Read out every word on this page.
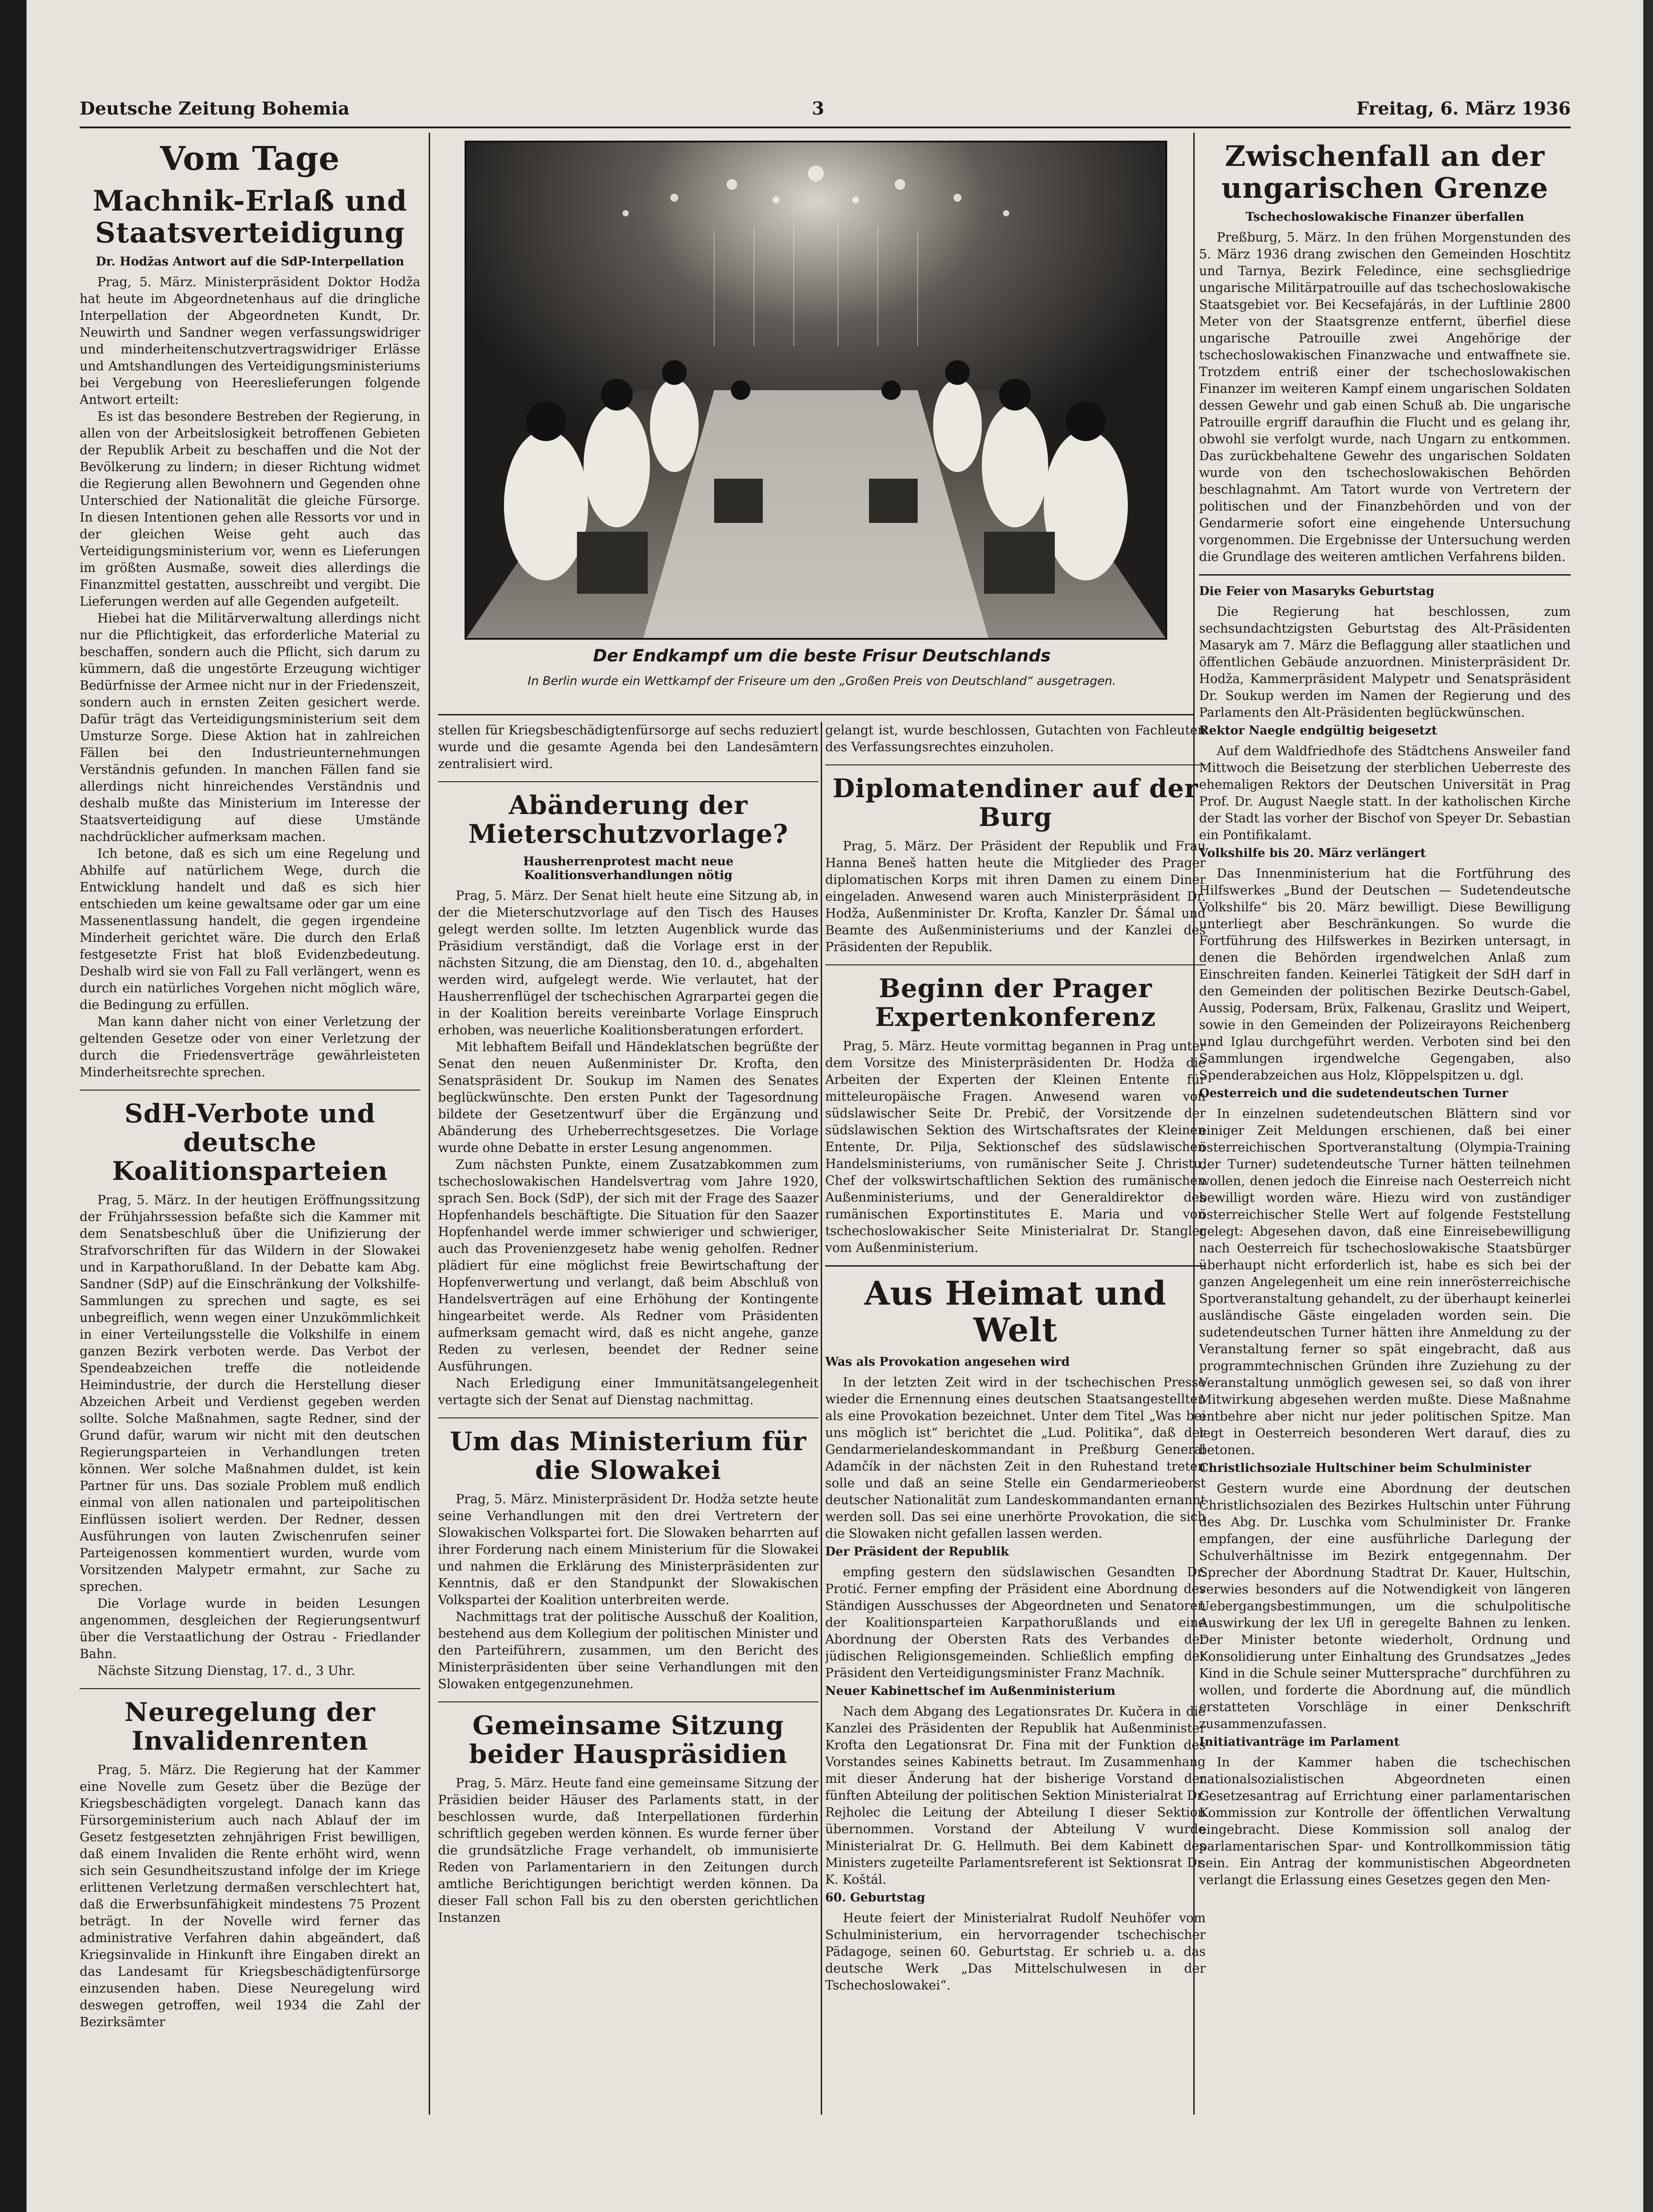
Deutsche Zeitung Bohemia	3	Freitag, 6. März 1936
Vom Tage
Machnik-Erlaß und Staatsverteidigung
Dr. Hodžas Antwort auf die SdP-Interpellation

Prag, 5. März. Ministerpräsident Doktor Hodža hat heute im Abgeordnetenhaus auf die dringliche Interpellation der Abgeordneten Kundt, Dr. Neuwirth und Sandner wegen verfassungswidriger und minderheitenschutzvertragswidriger Erlässe und Amtshandlungen des Verteidigungsministeriums bei Vergebung von Heereslieferungen folgende Antwort erteilt:

Es ist das besondere Bestreben der Regierung, in allen von der Arbeitslosigkeit betroffenen Gebieten der Republik Arbeit zu beschaffen und die Not der Bevölkerung zu lindern; in dieser Richtung widmet die Regierung allen Bewohnern und Gegenden ohne Unterschied der Nationalität die gleiche Fürsorge. In diesen Intentionen gehen alle Ressorts vor und in der gleichen Weise geht auch das Verteidigungsministerium vor, wenn es Lieferungen im größten Ausmaße, soweit dies allerdings die Finanzmittel gestatten, ausschreibt und vergibt. Die Lieferungen werden auf alle Gegenden aufgeteilt.

Hiebei hat die Militärverwaltung allerdings nicht nur die Pflichtigkeit, das erforderliche Material zu beschaffen, sondern auch die Pflicht, sich darum zu kümmern, daß die ungestörte Erzeugung wichtiger Bedürfnisse der Armee nicht nur in der Friedenszeit, sondern auch in ernsten Zeiten gesichert werde. Dafür trägt das Verteidigungsministerium seit dem Umsturze Sorge. Diese Aktion hat in zahlreichen Fällen bei den Industrieunternehmungen Verständnis gefunden. In manchen Fällen fand sie allerdings nicht hinreichendes Verständnis und deshalb mußte das Ministerium im Interesse der Staatsverteidigung auf diese Umstände nachdrücklicher aufmerksam machen.

Ich betone, daß es sich um eine Regelung und Abhilfe auf natürlichem Wege, durch die Entwicklung handelt und daß es sich hier entschieden um keine gewaltsame oder gar um eine Massenentlassung handelt, die gegen irgendeine Minderheit gerichtet wäre. Die durch den Erlaß festgesetzte Frist hat bloß Evidenzbedeutung. Deshalb wird sie von Fall zu Fall verlängert, wenn es durch ein natürliches Vorgehen nicht möglich wäre, die Bedingung zu erfüllen.

Man kann daher nicht von einer Verletzung der geltenden Gesetze oder von einer Verletzung der durch die Friedensverträge gewährleisteten Minderheitsrechte sprechen.

SdH-Verbote und deutsche Koalitionsparteien

Prag, 5. März. In der heutigen Eröffnungssitzung der Frühjahrssession befaßte sich die Kammer mit dem Senatsbeschluß über die Unifizierung der Strafvorschriften für das Wildern in der Slowakei und in Karpathorußland. In der Debatte kam Abg. Sandner (SdP) auf die Einschränkung der Volkshilfe-Sammlungen zu sprechen und sagte, es sei unbegreiflich, wenn wegen einer Unzukömmlichkeit in einer Verteilungsstelle die Volkshilfe in einem ganzen Bezirk verboten werde. Das Verbot der Spendeabzeichen treffe die notleidende Heimindustrie, der durch die Herstellung dieser Abzeichen Arbeit und Verdienst gegeben werden sollte. Solche Maßnahmen, sagte Redner, sind der Grund dafür, warum wir nicht mit den deutschen Regierungsparteien in Verhandlungen treten können. Wer solche Maßnahmen duldet, ist kein Partner für uns. Das soziale Problem muß endlich einmal von allen nationalen und parteipolitischen Einflüssen isoliert werden. Der Redner, dessen Ausführungen von lauten Zwischenrufen seiner Parteigenossen kommentiert wurden, wurde vom Vorsitzenden Malypetr ermahnt, zur Sache zu sprechen.

Die Vorlage wurde in beiden Lesungen angenommen, desgleichen der Regierungsentwurf über die Verstaatlichung der Ostrau - Friedlander Bahn.

Nächste Sitzung Dienstag, 17. d., 3 Uhr.

Neuregelung der Invalidenrenten

Prag, 5. März. Die Regierung hat der Kammer eine Novelle zum Gesetz über die Bezüge der Kriegsbeschädigten vorgelegt. Danach kann das Fürsorgeministerium auch nach Ablauf der im Gesetz festgesetzten zehnjährigen Frist bewilligen, daß einem Invaliden die Rente erhöht wird, wenn sich sein Gesundheitszustand infolge der im Kriege erlittenen Verletzung dermaßen verschlechtert hat, daß die Erwerbsunfähigkeit mindestens 75 Prozent beträgt. In der Novelle wird ferner das administrative Verfahren dahin abgeändert, daß Kriegsinvalide in Hinkunft ihre Eingaben direkt an das Landesamt für Kriegsbeschädigtenfürsorge einzusenden haben. Diese Neuregelung wird deswegen getroffen, weil 1934 die Zahl der Bezirksämter

Der Endkampf um die beste Frisur Deutschlands
In Berlin wurde ein Wettkampf der Friseure um den „Großen Preis von Deutschland“ ausgetragen.

stellen für Kriegsbeschädigtenfürsorge auf sechs reduziert wurde und die gesamte Agenda bei den Landesämtern zentralisiert wird.

Abänderung der Mieterschutzvorlage?
Hausherrenprotest macht neue Koalitionsverhandlungen nötig

Prag, 5. März. Der Senat hielt heute eine Sitzung ab, in der die Mieterschutzvorlage auf den Tisch des Hauses gelegt werden sollte. Im letzten Augenblick wurde das Präsidium verständigt, daß die Vorlage erst in der nächsten Sitzung, die am Dienstag, den 10. d., abgehalten werden wird, aufgelegt werde. Wie verlautet, hat der Hausherrenflügel der tschechischen Agrarpartei gegen die in der Koalition bereits vereinbarte Vorlage Einspruch erhoben, was neuerliche Koalitionsberatungen erfordert.

Mit lebhaftem Beifall und Händeklatschen begrüßte der Senat den neuen Außenminister Dr. Krofta, den Senatspräsident Dr. Soukup im Namen des Senates beglückwünschte. Den ersten Punkt der Tagesordnung bildete der Gesetzentwurf über die Ergänzung und Abänderung des Urheberrechtsgesetzes. Die Vorlage wurde ohne Debatte in erster Lesung angenommen.

Zum nächsten Punkte, einem Zusatzabkommen zum tschechoslowakischen Handelsvertrag vom Jahre 1920, sprach Sen. Bock (SdP), der sich mit der Frage des Saazer Hopfenhandels beschäftigte. Die Situation für den Saazer Hopfenhandel werde immer schwieriger und schwieriger, auch das Provenienzgesetz habe wenig geholfen. Redner plädiert für eine möglichst freie Bewirtschaftung der Hopfenverwertung und verlangt, daß beim Abschluß von Handelsverträgen auf eine Erhöhung der Kontingente hingearbeitet werde. Als Redner vom Präsidenten aufmerksam gemacht wird, daß es nicht angehe, ganze Reden zu verlesen, beendet der Redner seine Ausführungen.

Nach Erledigung einer Immunitätsangelegenheit vertagte sich der Senat auf Dienstag nachmittag.

Um das Ministerium für die Slowakei

Prag, 5. März. Ministerpräsident Dr. Hodža setzte heute seine Verhandlungen mit den drei Vertretern der Slowakischen Volkspartei fort. Die Slowaken beharrten auf ihrer Forderung nach einem Ministerium für die Slowakei und nahmen die Erklärung des Ministerpräsidenten zur Kenntnis, daß er den Standpunkt der Slowakischen Volkspartei der Koalition unterbreiten werde.

Nachmittags trat der politische Ausschuß der Koalition, bestehend aus dem Kollegium der politischen Minister und den Parteiführern, zusammen, um den Bericht des Ministerpräsidenten über seine Verhandlungen mit den Slowaken entgegenzunehmen.

Gemeinsame Sitzung beider Hauspräsidien

Prag, 5. März. Heute fand eine gemeinsame Sitzung der Präsidien beider Häuser des Parlaments statt, in der beschlossen wurde, daß Interpellationen fürderhin schriftlich gegeben werden können. Es wurde ferner über die grundsätzliche Frage verhandelt, ob immunisierte Reden von Parlamentariern in den Zeitungen durch amtliche Berichtigungen berichtigt werden können. Da dieser Fall schon Fall bis zu den obersten gerichtlichen Instanzen

gelangt ist, wurde beschlossen, Gutachten von Fachleuten des Verfassungsrechtes einzuholen.

Diplomatendiner auf der Burg

Prag, 5. März. Der Präsident der Republik und Frau Hanna Beneš hatten heute die Mitglieder des Prager diplomatischen Korps mit ihren Damen zu einem Diner eingeladen. Anwesend waren auch Ministerpräsident Dr. Hodža, Außenminister Dr. Krofta, Kanzler Dr. Šámal und Beamte des Außenministeriums und der Kanzlei des Präsidenten der Republik.

Beginn der Prager Expertenkonferenz

Prag, 5. März. Heute vormittag begannen in Prag unter dem Vorsitze des Ministerpräsidenten Dr. Hodža die Arbeiten der Experten der Kleinen Entente für mitteleuropäische Fragen. Anwesend waren von südslawischer Seite Dr. Prebič, der Vorsitzende der südslawischen Sektion des Wirtschaftsrates der Kleinen Entente, Dr. Pilja, Sektionschef des südslawischen Handelsministeriums, von rumänischer Seite J. Christu, Chef der volkswirtschaftlichen Sektion des rumänischen Außenministeriums, und der Generaldirektor des rumänischen Exportinstitutes E. Maria und von tschechoslowakischer Seite Ministerialrat Dr. Stangler vom Außenministerium.

Aus Heimat und Welt
Was als Provokation angesehen wird

In der letzten Zeit wird in der tschechischen Presse wieder die Ernennung eines deutschen Staatsangestellten als eine Provokation bezeichnet. Unter dem Titel „Was bei uns möglich ist“ berichtet die „Lud. Politika“, daß der Gendarmerielandeskommandant in Preßburg General Adamčík in der nächsten Zeit in den Ruhestand treten solle und daß an seine Stelle ein Gendarmerieoberst deutscher Nationalität zum Landeskommandanten ernannt werden soll. Das sei eine unerhörte Provokation, die sich die Slowaken nicht gefallen lassen werden.

Der Präsident der Republik

empfing gestern den südslawischen Gesandten Dr. Protić. Ferner empfing der Präsident eine Abordnung des Ständigen Ausschusses der Abgeordneten und Senatoren der Koalitionsparteien Karpathorußlands und eine Abordnung der Obersten Rats des Verbandes der jüdischen Religionsgemeinden. Schließlich empfing der Präsident den Verteidigungsminister Franz Machník.

Neuer Kabinettschef im Außenministerium

Nach dem Abgang des Legationsrates Dr. Kučera in die Kanzlei des Präsidenten der Republik hat Außenminister Krofta den Legationsrat Dr. Fina mit der Funktion des Vorstandes seines Kabinetts betraut. Im Zusammenhang mit dieser Änderung hat der bisherige Vorstand der fünften Abteilung der politischen Sektion Ministerialrat Dr. Rejholec die Leitung der Abteilung I dieser Sektion übernommen. Vorstand der Abteilung V wurde Ministerialrat Dr. G. Hellmuth. Bei dem Kabinett des Ministers zugeteilte Parlamentsreferent ist Sektionsrat Dr. K. Koštál.

60. Geburtstag

Heute feiert der Ministerialrat Rudolf Neuhöfer vom Schulministerium, ein hervorragender tschechischer Pädagoge, seinen 60. Geburtstag. Er schrieb u. a. das deutsche Werk „Das Mittelschulwesen in der Tschechoslowakei“.

Zwischenfall an der ungarischen Grenze
Tschechoslowakische Finanzer überfallen

Preßburg, 5. März. In den frühen Morgenstunden des 5. März 1936 drang zwischen den Gemeinden Hoschtitz und Tarnya, Bezirk Feledince, eine sechsgliedrige ungarische Militärpatrouille auf das tschechoslowakische Staatsgebiet vor. Bei Kecsefajárás, in der Luftlinie 2800 Meter von der Staatsgrenze entfernt, überfiel diese ungarische Patrouille zwei Angehörige der tschechoslowakischen Finanzwache und entwaffnete sie. Trotzdem entriß einer der tschechoslowakischen Finanzer im weiteren Kampf einem ungarischen Soldaten dessen Gewehr und gab einen Schuß ab. Die ungarische Patrouille ergriff daraufhin die Flucht und es gelang ihr, obwohl sie verfolgt wurde, nach Ungarn zu entkommen. Das zurückbehaltene Gewehr des ungarischen Soldaten wurde von den tschechoslowakischen Behörden beschlagnahmt. Am Tatort wurde von Vertretern der politischen und der Finanzbehörden und von der Gendarmerie sofort eine eingehende Untersuchung vorgenommen. Die Ergebnisse der Untersuchung werden die Grundlage des weiteren amtlichen Verfahrens bilden.

Die Feier von Masaryks Geburtstag

Die Regierung hat beschlossen, zum sechsundachtzigsten Geburtstag des Alt-Präsidenten Masaryk am 7. März die Beflaggung aller staatlichen und öffentlichen Gebäude anzuordnen. Ministerpräsident Dr. Hodža, Kammerpräsident Malypetr und Senatspräsident Dr. Soukup werden im Namen der Regierung und des Parlaments den Alt-Präsidenten beglückwünschen.

Rektor Naegle endgültig beigesetzt

Auf dem Waldfriedhofe des Städtchens Answeiler fand Mittwoch die Beisetzung der sterblichen Ueberreste des ehemaligen Rektors der Deutschen Universität in Prag Prof. Dr. August Naegle statt. In der katholischen Kirche der Stadt las vorher der Bischof von Speyer Dr. Sebastian ein Pontifikalamt.

Volkshilfe bis 20. März verlängert

Das Innenministerium hat die Fortführung des Hilfswerkes „Bund der Deutschen — Sudetendeutsche Volkshilfe“ bis 20. März bewilligt. Diese Bewilligung unterliegt aber Beschränkungen. So wurde die Fortführung des Hilfswerkes in Bezirken untersagt, in denen die Behörden irgendwelchen Anlaß zum Einschreiten fanden. Keinerlei Tätigkeit der SdH darf in den Gemeinden der politischen Bezirke Deutsch-Gabel, Aussig, Podersam, Brüx, Falkenau, Graslitz und Weipert, sowie in den Gemeinden der Polizeirayons Reichenberg und Iglau durchgeführt werden. Verboten sind bei den Sammlungen irgendwelche Gegengaben, also Spenderabzeichen aus Holz, Klöppelspitzen u. dgl.

Oesterreich und die sudetendeutschen Turner

In einzelnen sudetendeutschen Blättern sind vor einiger Zeit Meldungen erschienen, daß bei einer österreichischen Sportveranstaltung (Olympia-Training der Turner) sudetendeutsche Turner hätten teilnehmen wollen, denen jedoch die Einreise nach Oesterreich nicht bewilligt worden wäre. Hiezu wird von zuständiger österreichischer Stelle Wert auf folgende Feststellung gelegt: Abgesehen davon, daß eine Einreisebewilligung nach Oesterreich für tschechoslowakische Staatsbürger überhaupt nicht erforderlich ist, habe es sich bei der ganzen Angelegenheit um eine rein innerösterreichische Sportveranstaltung gehandelt, zu der überhaupt keinerlei ausländische Gäste eingeladen worden sein. Die sudetendeutschen Turner hätten ihre Anmeldung zu der Veranstaltung ferner so spät eingebracht, daß aus programmtechnischen Gründen ihre Zuziehung zu der Veranstaltung unmöglich gewesen sei, so daß von ihrer Mitwirkung abgesehen werden mußte. Diese Maßnahme entbehre aber nicht nur jeder politischen Spitze. Man legt in Oesterreich besonderen Wert darauf, dies zu betonen.

Christlichsoziale Hultschiner beim Schulminister

Gestern wurde eine Abordnung der deutschen Christlichsozialen des Bezirkes Hultschin unter Führung des Abg. Dr. Luschka vom Schulminister Dr. Franke empfangen, der eine ausführliche Darlegung der Schulverhältnisse im Bezirk entgegennahm. Der Sprecher der Abordnung Stadtrat Dr. Kauer, Hultschin, verwies besonders auf die Notwendigkeit von längeren Uebergangsbestimmungen, um die schulpolitische Auswirkung der lex Ufl in geregelte Bahnen zu lenken. Der Minister betonte wiederholt, Ordnung und Konsolidierung unter Einhaltung des Grundsatzes „Jedes Kind in die Schule seiner Muttersprache“ durchführen zu wollen, und forderte die Abordnung auf, die mündlich erstatteten Vorschläge in einer Denkschrift zusammenzufassen.

Initiativanträge im Parlament

In der Kammer haben die tschechischen nationalsozialistischen Abgeordneten einen Gesetzesantrag auf Errichtung einer parlamentarischen Kommission zur Kontrolle der öffentlichen Verwaltung eingebracht. Diese Kommission soll analog der parlamentarischen Spar- und Kontrollkommission tätig sein. Ein Antrag der kommunistischen Abgeordneten verlangt die Erlassung eines Gesetzes gegen den Men-
